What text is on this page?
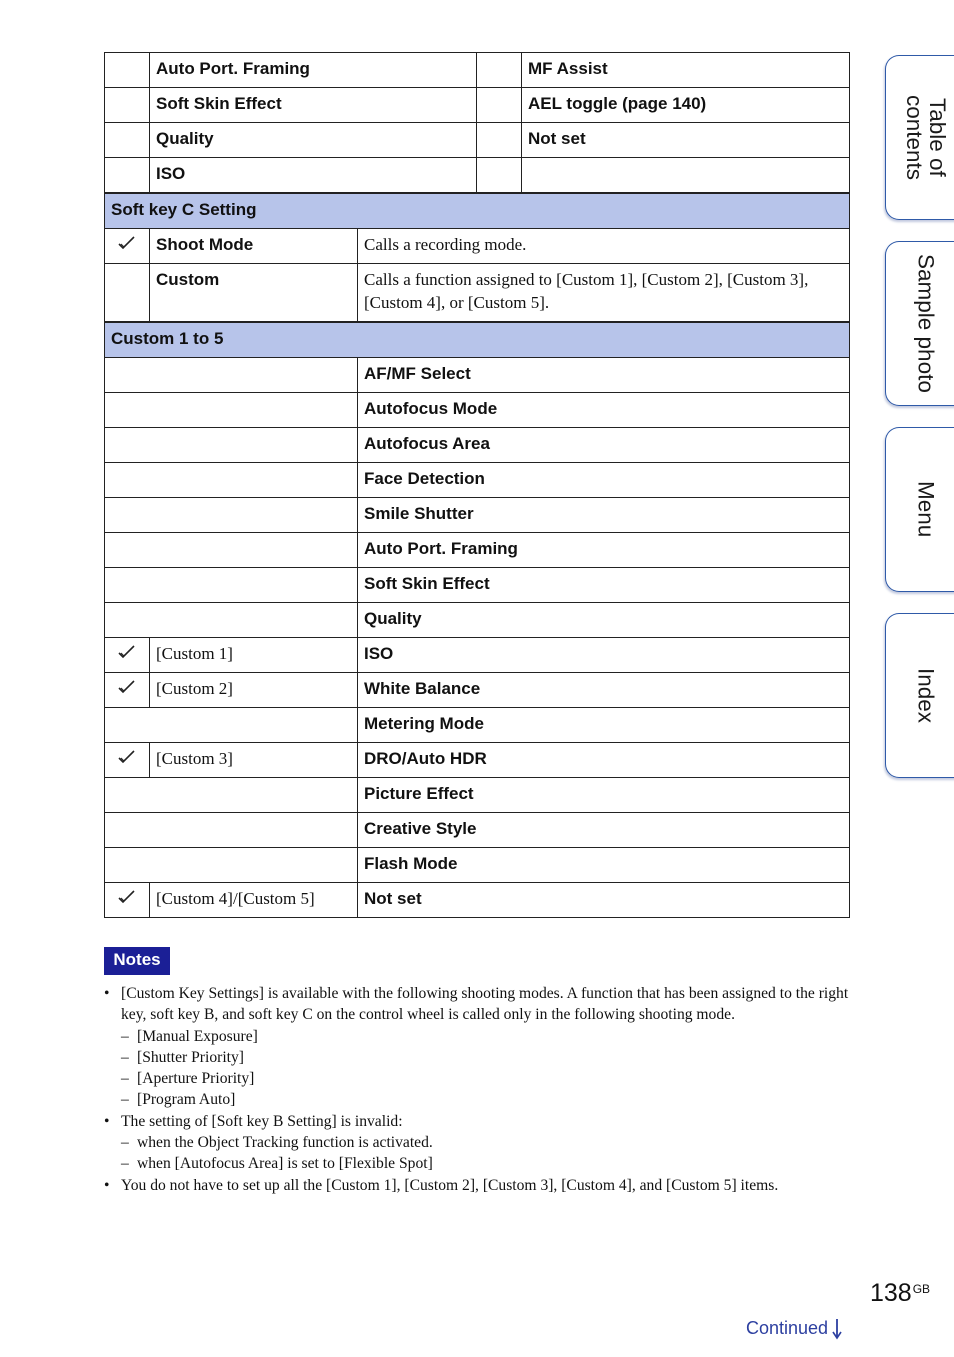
	Auto Port. Framing		MF Assist
	Soft Skin Effect		AEL toggle (page 140)
	Quality		Not set
	ISO		
Soft key C Setting		
	Shoot Mode	Calls a recording mode.
	Custom	Calls a function assigned to [Custom 1], [Custom 2], [Custom 3], [Custom 4], or [Custom 5].
Custom 1 to 5		
		AF/MF Select
		Autofocus Mode
		Autofocus Area
		Face Detection
		Smile Shutter
		Auto Port. Framing
		Soft Skin Effect
		Quality
	[Custom 1]	ISO
	[Custom 2]	White Balance
		Metering Mode
	[Custom 3]	DRO/Auto HDR
		Picture Effect
		Creative Style
		Flash Mode
	[Custom 4]/[Custom 5]	Not set
Notes
• [Custom Key Settings] is available with the following shooting modes. A function that has been assigned to the right key, soft key B, and soft key C on the control wheel is called only in the following shooting mode.
– [Manual Exposure]
– [Shutter Priority]
– [Aperture Priority]
– [Program Auto]
• The setting of [Soft key B Setting] is invalid:
– when the Object Tracking function is activated.
– when [Autofocus Area] is set to [Flexible Spot]
• You do not have to set up all the [Custom 1], [Custom 2], [Custom 3], [Custom 4], and [Custom 5] items.
Table of contents
Sample photo
Menu
Index
$138^{GB}$
Continued
